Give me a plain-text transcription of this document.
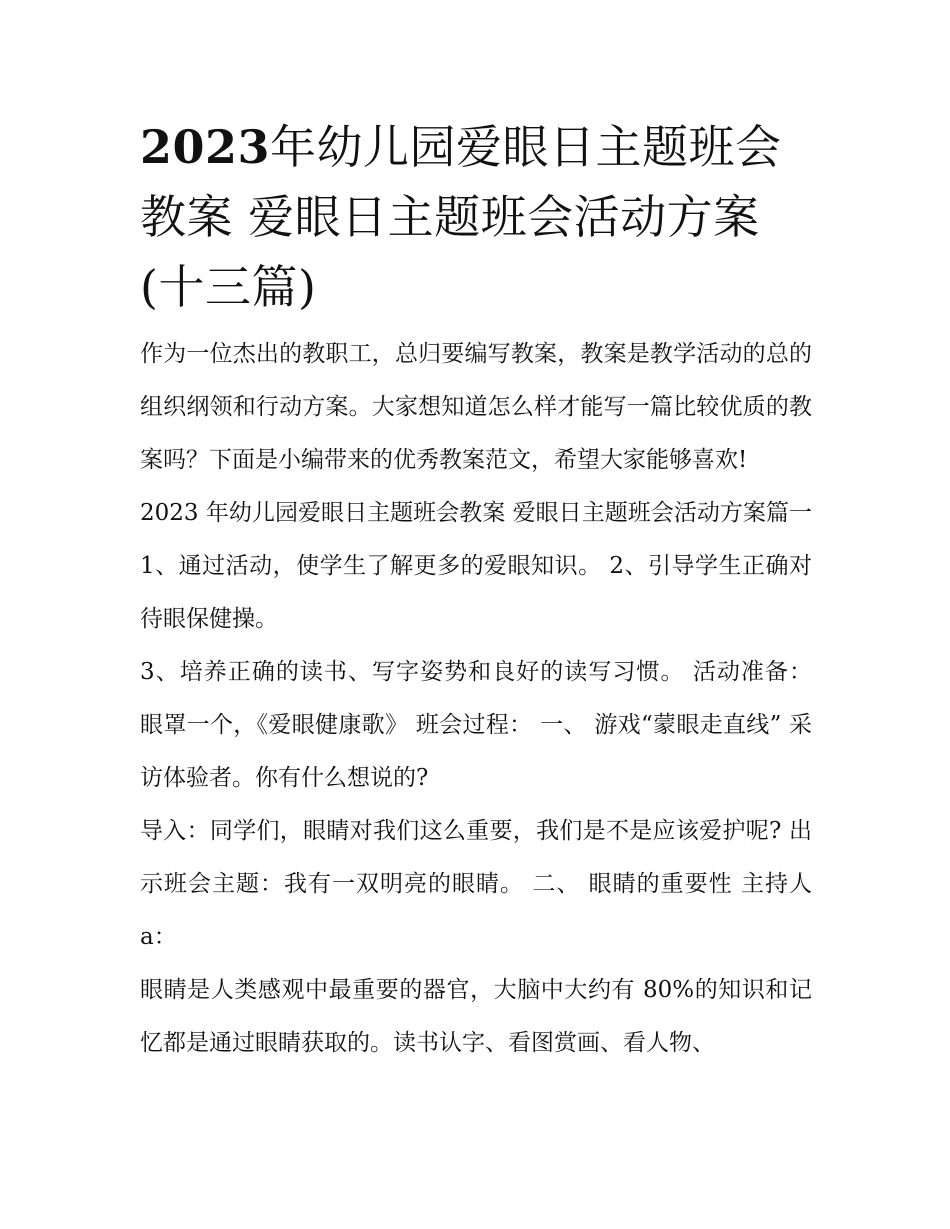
2023年幼儿园爱眼日主题班会教案 爱眼日主题班会活动方案(十三篇)

作为一位杰出的教职工，总归要编写教案，教案是教学活动的总的组织纲领和行动方案。大家想知道怎么样才能写一篇比较优质的教案吗？下面是小编带来的优秀教案范文，希望大家能够喜欢!

2023 年幼儿园爱眼日主题班会教案 爱眼日主题班会活动方案篇一 1、通过活动，使学生了解更多的爱眼知识。 2、引导学生正确对待眼保健操。

3、培养正确的读书、写字姿势和良好的读写习惯。 活动准备： 眼罩一个，《爱眼健康歌》 班会过程： 一、 游戏“蒙眼走直线” 采访体验者。你有什么想说的?

导入：同学们，眼睛对我们这么重要，我们是不是应该爱护呢? 出示班会主题：我有一双明亮的眼睛。 二、 眼睛的重要性 主持人 a：

眼睛是人类感观中最重要的器官，大脑中大约有 80%的知识和记忆都是通过眼睛获取的。读书认字、看图赏画、看人物、
